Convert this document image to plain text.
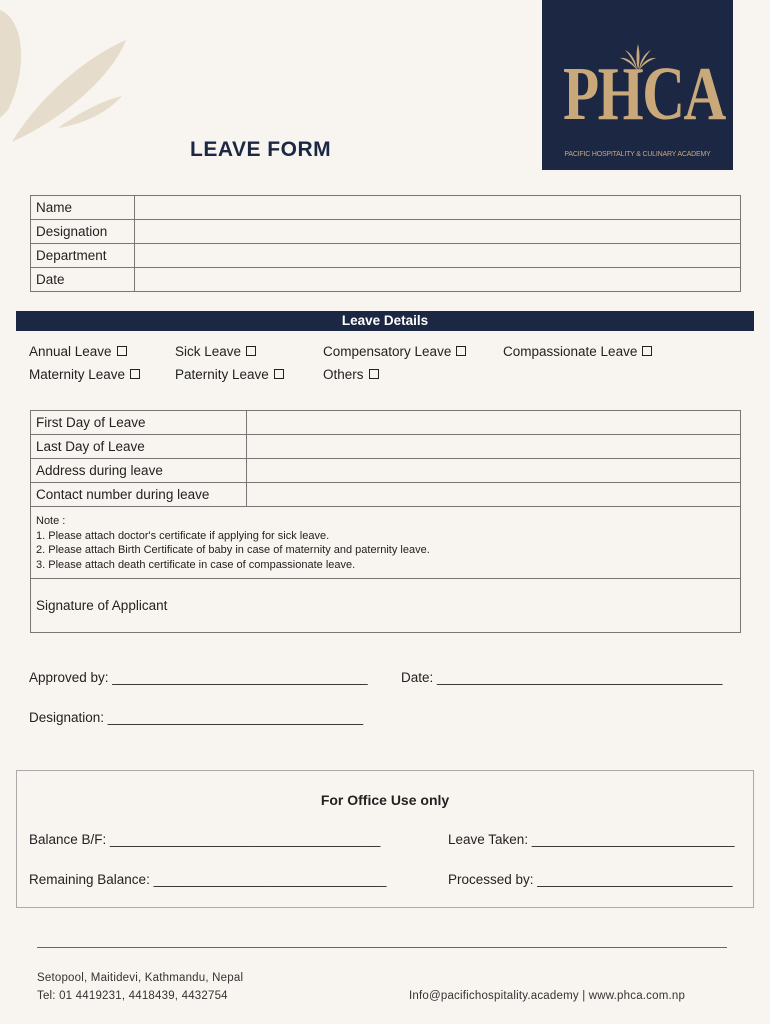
PHCA
PACIFIC HOSPITALITY & CULINARY ACADEMY
LEAVE FORM
Name	
Designation	
Department	
Date	
Leave Details
Annual Leave	Sick Leave	Compensatory Leave	Compassionate Leave
Maternity Leave	Paternity Leave	Others
First Day of Leave	
Last Day of Leave	
Address during leave	
Contact number during leave	
Note :
1. Please attach doctor's certificate if applying for sick leave.
2. Please attach Birth Certificate of baby in case of maternity and paternity leave.
3. Please attach death certificate in case of compassionate leave.
Signature of Applicant
Approved by: __________________________________ Date: ______________________________________
Designation: __________________________________
For Office Use only
Balance B/F: ____________________________________	Leave Taken: ___________________________
Remaining Balance: _______________________________	Processed by: __________________________
Setopool, Maitidevi, Kathmandu, Nepal
Tel: 01 4419231, 4418439, 4432754	Info@pacifichospitality.academy | www.phca.com.np
